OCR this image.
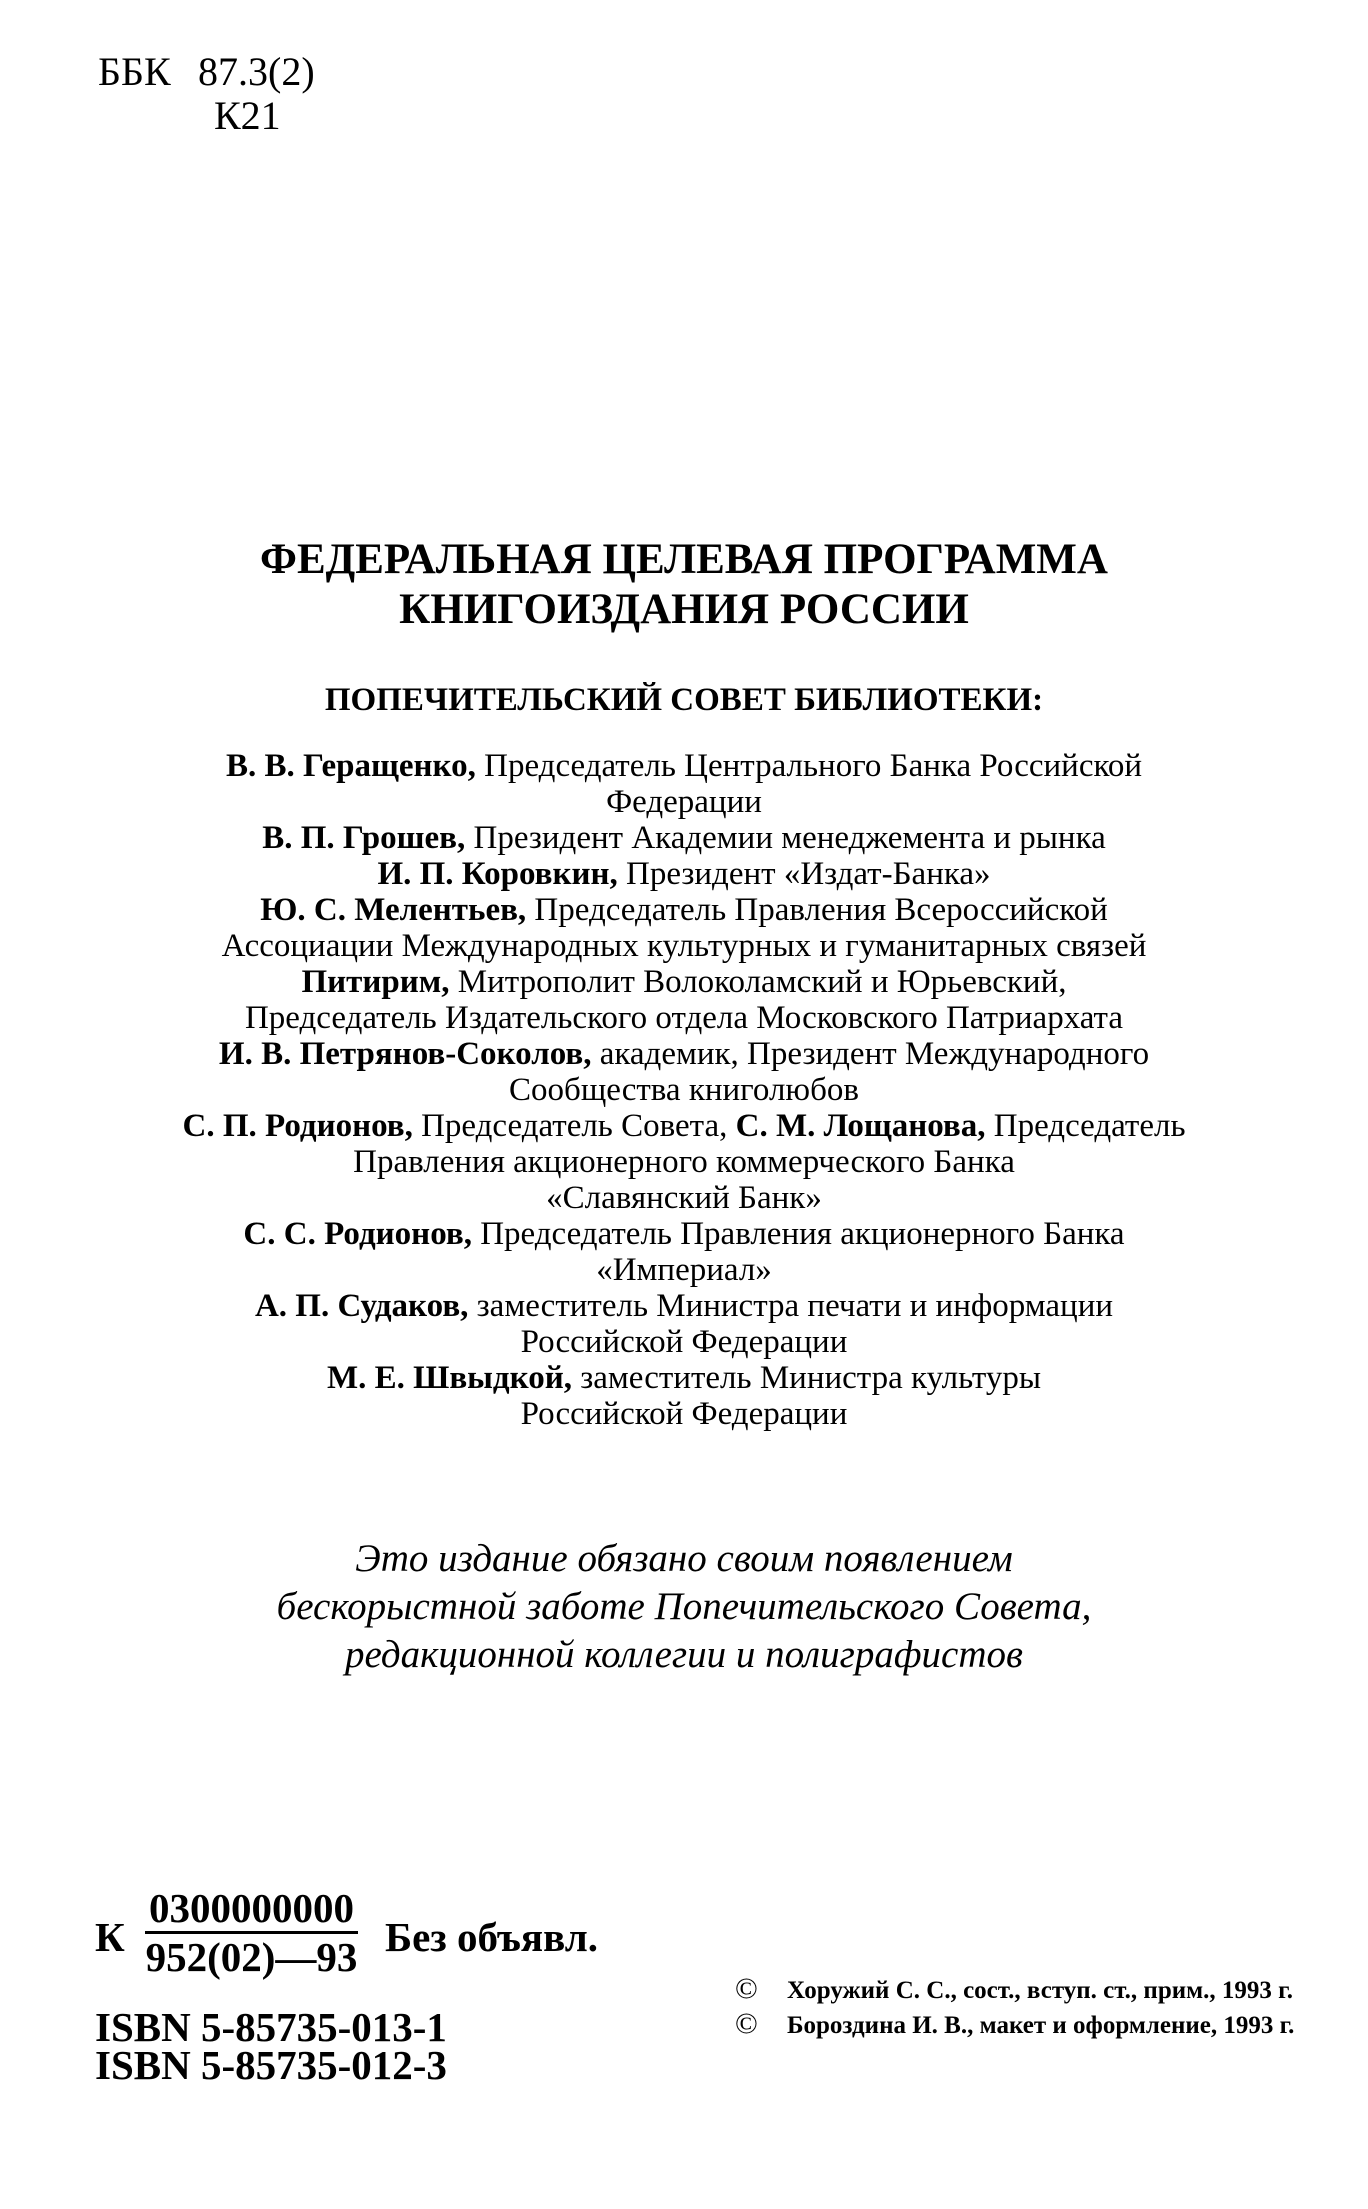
ББК 87.3(2)
К21
ФЕДЕРАЛЬНАЯ ЦЕЛЕВАЯ ПРОГРАММА
КНИГОИЗДАНИЯ РОССИИ
ПОПЕЧИТЕЛЬСКИЙ СОВЕТ БИБЛИОТЕКИ:
В. В. Геращенко, Председатель Центрального Банка Российской
Федерации
В. П. Грошев, Президент Академии менеджемента и рынка
И. П. Коровкин, Президент «Издат-Банка»
Ю. С. Мелентьев, Председатель Правления Всероссийской
Ассоциации Международных культурных и гуманитарных связей
Питирим, Митрополит Волоколамский и Юрьевский,
Председатель Издательского отдела Московского Патриархата
И. В. Петрянов-Соколов, академик, Президент Международного
Сообщества книголюбов
С. П. Родионов, Председатель Совета, С. М. Лощанова, Председатель
Правления акционерного коммерческого Банка
«Славянский Банк»
С. С. Родионов, Председатель Правления акционерного Банка
«Империал»
А. П. Судаков, заместитель Министра печати и информации
Российской Федерации
М. Е. Швыдкой, заместитель Министра культуры
Российской Федерации
Это издание обязано своим появлением
бескорыстной заботе Попечительского Совета,
редакционной коллегии и полиграфистов
К $\frac{0300000000}{952(02)—93}$ Без объявл.
ISBN 5-85735-013-1
ISBN 5-85735-012-3
© Хоружий С. С., сост., вступ. ст., прим., 1993 г.
© Бороздина И. В., макет и оформление, 1993 г.
